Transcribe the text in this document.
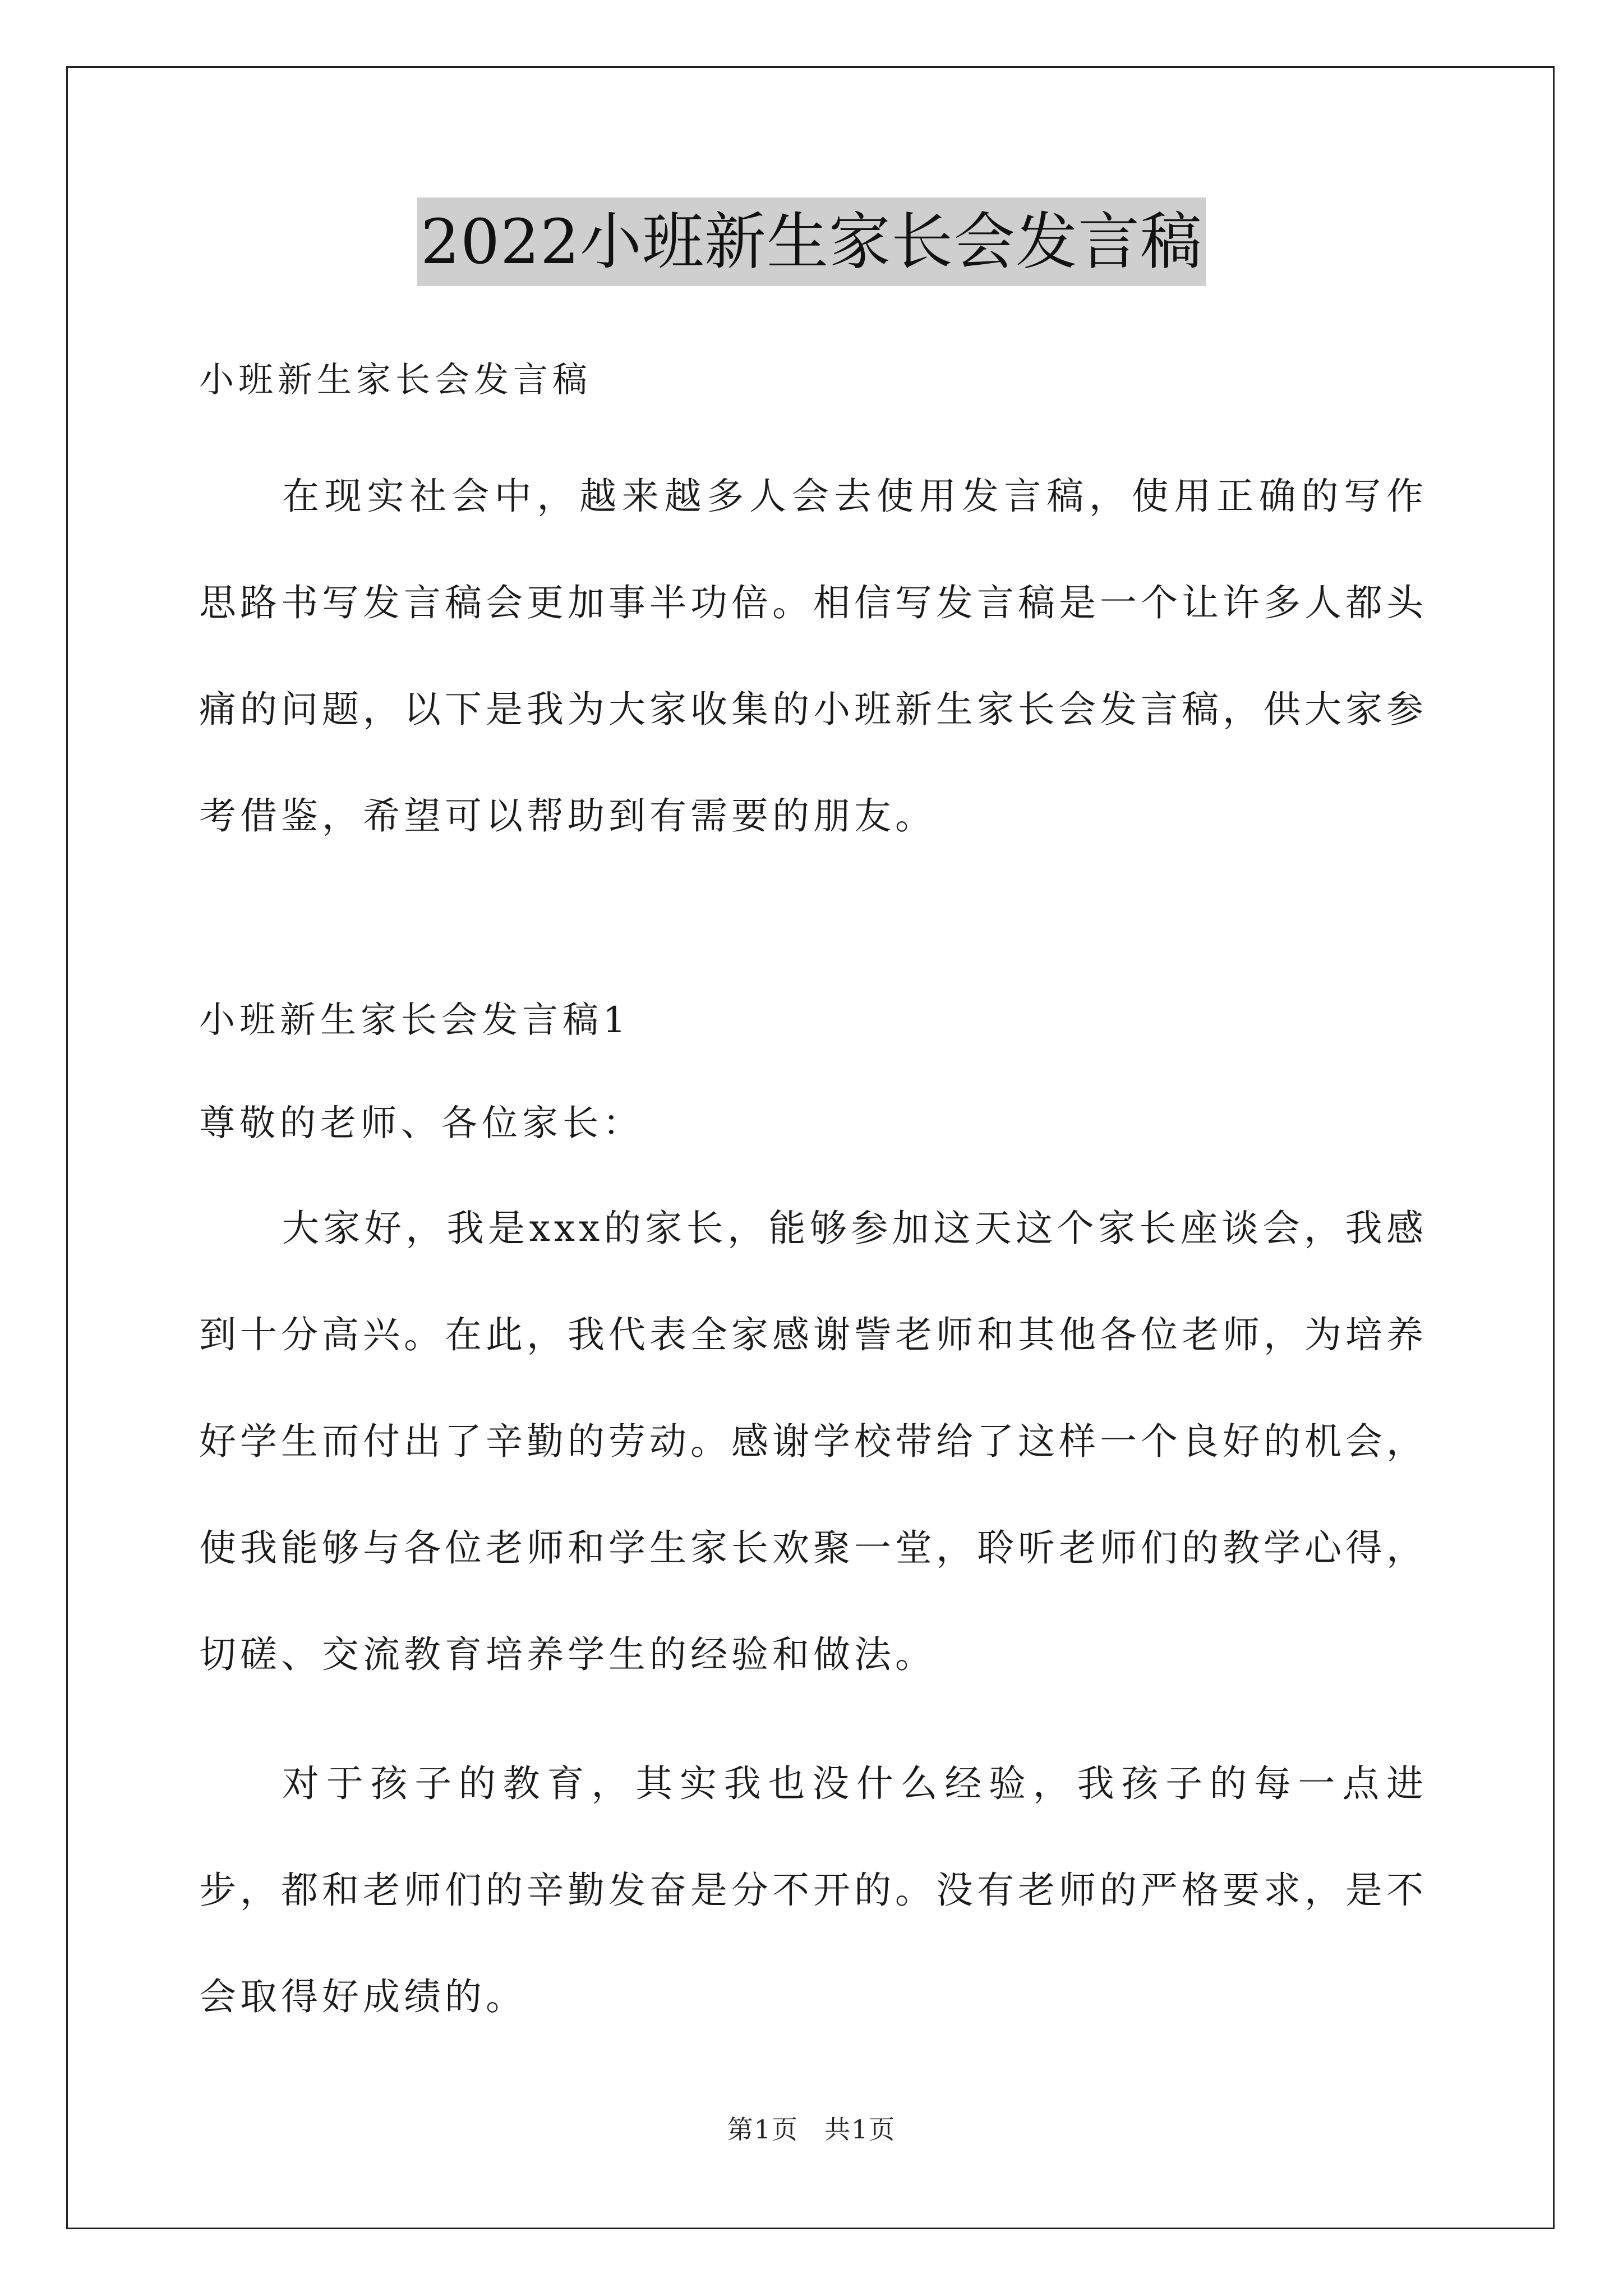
2022小班新生家长会发言稿
小班新生家长会发言稿

在现实社会中，越来越多人会去使用发言稿，使用正确的写作思路书写发言稿会更加事半功倍。相信写发言稿是一个让许多人都头痛的问题，以下是我为大家收集的小班新生家长会发言稿，供大家参考借鉴，希望可以帮助到有需要的朋友。

小班新生家长会发言稿1
尊敬的老师、各位家长：

大家好，我是xxx的家长，能够参加这天这个家长座谈会，我感到十分高兴。在此，我代表全家感谢訾老师和其他各位老师，为培养好学生而付出了辛勤的劳动。感谢学校带给了这样一个良好的机会，使我能够与各位老师和学生家长欢聚一堂，聆听老师们的教学心得，切磋、交流教育培养学生的经验和做法。

对于孩子的教育，其实我也没什么经验，我孩子的每一点进步，都和老师们的辛勤发奋是分不开的。没有老师的严格要求，是不会取得好成绩的。

第1页 共1页
